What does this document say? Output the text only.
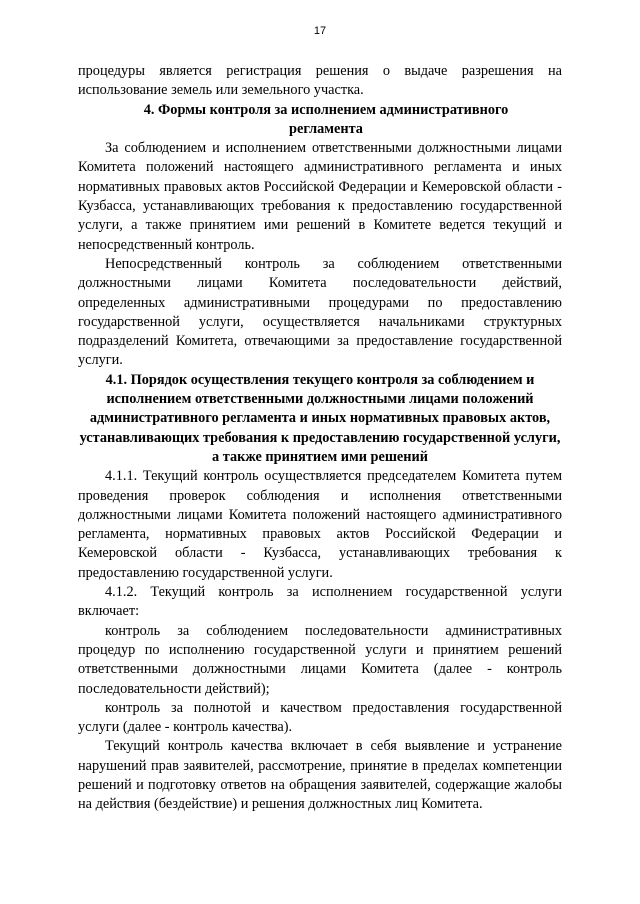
17

процедуры является регистрация решения о выдаче разрешения на использование земель или земельного участка.

4. Формы контроля за исполнением административного регламента

За соблюдением и исполнением ответственными должностными лицами Комитета положений настоящего административного регламента и иных нормативных правовых актов Российской Федерации и Кемеровской области - Кузбасса, устанавливающих требования к предоставлению государственной услуги, а также принятием ими решений в Комитете ведется текущий и непосредственный контроль.

Непосредственный контроль за соблюдением ответственными должностными лицами Комитета последовательности действий, определенных административными процедурами по предоставлению государственной услуги, осуществляется начальниками структурных подразделений Комитета, отвечающими за предоставление государственной услуги.

4.1. Порядок осуществления текущего контроля за соблюдением и исполнением ответственными должностными лицами положений административного регламента и иных нормативных правовых актов, устанавливающих требования к предоставлению государственной услуги, а также принятием ими решений

4.1.1. Текущий контроль осуществляется председателем Комитета путем проведения проверок соблюдения и исполнения ответственными должностными лицами Комитета положений настоящего административного регламента, нормативных правовых актов Российской Федерации и Кемеровской области - Кузбасса, устанавливающих требования к предоставлению государственной услуги.

4.1.2. Текущий контроль за исполнением государственной услуги включает:

контроль за соблюдением последовательности административных процедур по исполнению государственной услуги и принятием решений ответственными должностными лицами Комитета (далее - контроль последовательности действий);

контроль за полнотой и качеством предоставления государственной услуги (далее - контроль качества).

Текущий контроль качества включает в себя выявление и устранение нарушений прав заявителей, рассмотрение, принятие в пределах компетенции решений и подготовку ответов на обращения заявителей, содержащие жалобы на действия (бездействие) и решения должностных лиц Комитета.
